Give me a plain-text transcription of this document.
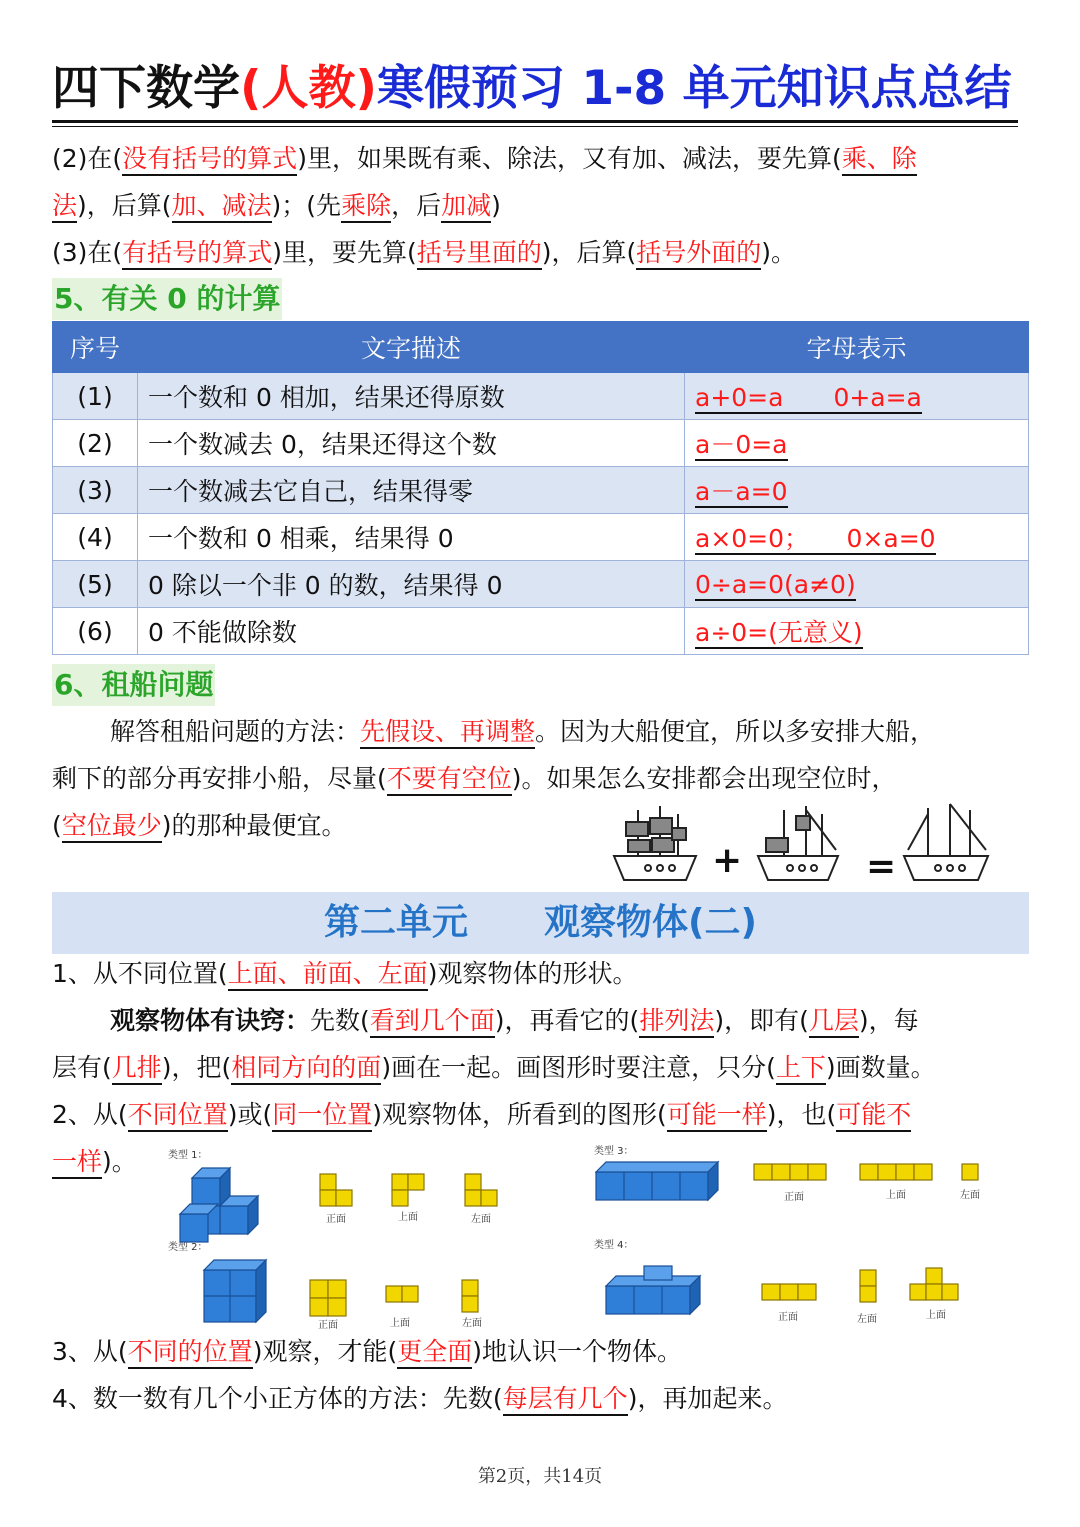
四下数学(人教)寒假预习 1-8 单元知识点总结
(2)在(没有括号的算式)里，如果既有乘、除法，又有加、减法，要先算(乘、除
法)，后算(加、减法)；(先乘除，后加减)
(3)在(有括号的算式)里，要先算(括号里面的)，后算(括号外面的)。
5、有关 0 的计算
序号	文字描述	字母表示
(1)	一个数和 0 相加，结果还得原数	a+0=a　　0+a=a
(2)	一个数减去 0，结果还得这个数	a－0=a
(3)	一个数减去它自己，结果得零	a－a=0
(4)	一个数和 0 相乘，结果得 0	a×0=0；　　0×a=0
(5)	0 除以一个非 0 的数，结果得 0	0÷a=0(a≠0)
(6)	0 不能做除数	a÷0=(无意义)
6、租船问题
解答租船问题的方法：先假设、再调整。因为大船便宜，所以多安排大船，
剩下的部分再安排小船，尽量(不要有空位)。如果怎么安排都会出现空位时，
(空位最少)的那种最便宜。
+	=
第二单元 观察物体(二)
1、从不同位置(上面、前面、左面)观察物体的形状。
观察物体有诀窍：先数(看到几个面)，再看它的(排列法)，即有(几层)，每
层有(几排)，把(相同方向的面)画在一起。画图形时要注意，只分(上下)画数量。
2、从(不同位置)或(同一位置)观察物体，所看到的图形(可能一样)，也(可能不
一样)。	类型 1：
类型 2：
类型 3：
类型 4：
正面	上面	左面
正面	上面	左面
正面	上面	左面
正面	左面	上面
3、从(不同的位置)观察，才能(更全面)地认识一个物体。
4、数一数有几个小正方体的方法：先数(每层有几个)，再加起来。
第2页，共14页
